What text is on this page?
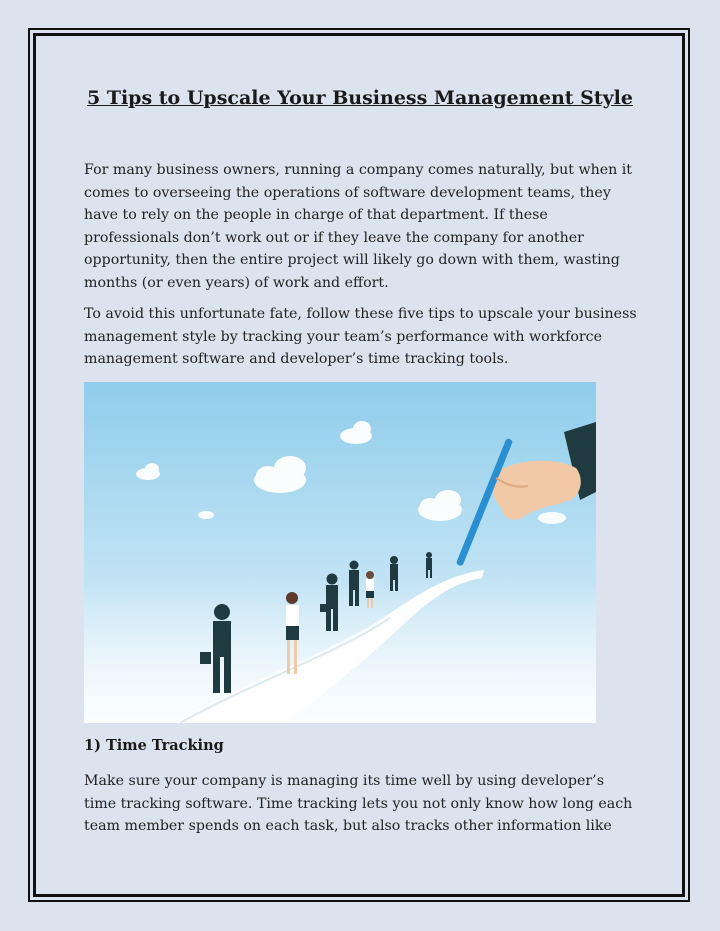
5 Tips to Upscale Your Business Management Style

For many business owners, running a company comes naturally, but when it comes to overseeing the operations of software development teams, they have to rely on the people in charge of that department. If these professionals don’t work out or if they leave the company for another opportunity, then the entire project will likely go down with them, wasting months (or even years) of work and effort.

To avoid this unfortunate fate, follow these five tips to upscale your business management style by tracking your team’s performance with workforce management software and developer’s time tracking tools.

1) Time Tracking

Make sure your company is managing its time well by using developer’s time tracking software. Time tracking lets you not only know how long each team member spends on each task, but also tracks other information like
